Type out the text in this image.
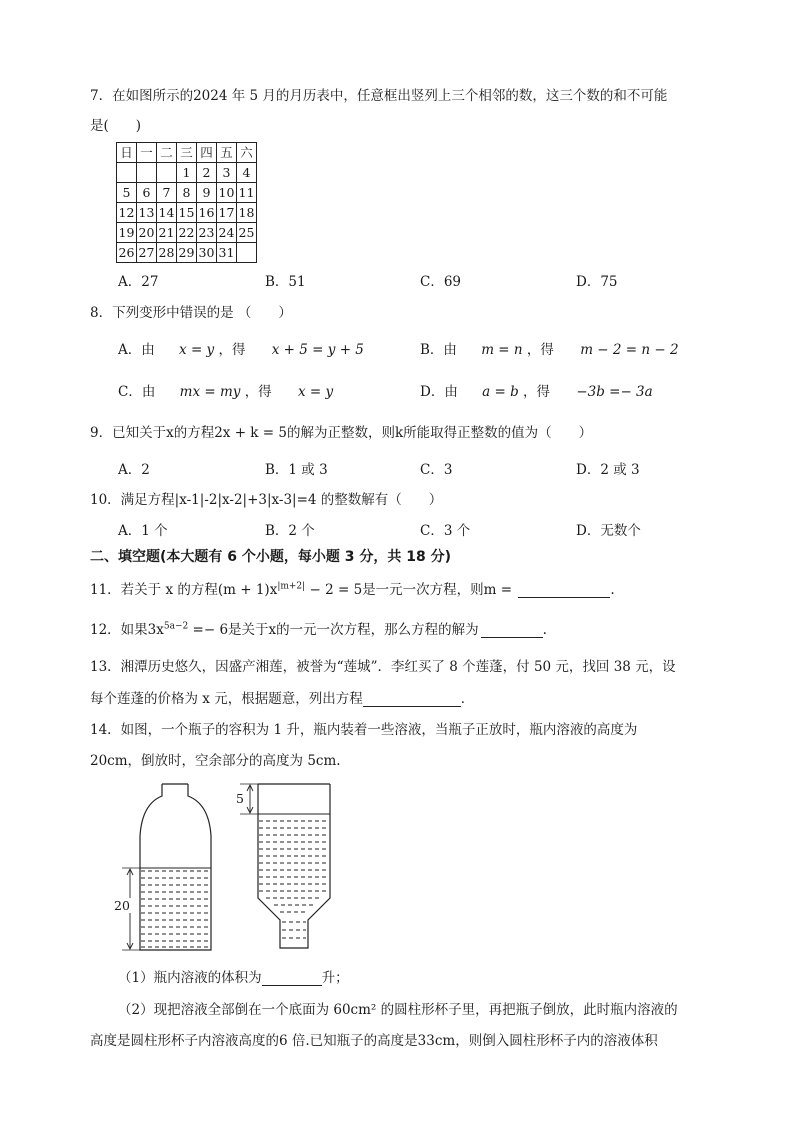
7．在如图所示的2024 年 5 月的月历表中，任意框出竖列上三个相邻的数，这三个数的和不可能
是(　　)
日	一	二	三	四	五	六
			1	2	3	4
5	6	7	8	9	10	11
12	13	14	15	16	17	18
19	20	21	22	23	24	25
26	27	28	29	30	31	
A．27	B．51	C．69	D．75
8．下列变形中错误的是 （　　）
A．由 x = y ，得 x + 5 = y + 5	B．由 m = n ，得 m − 2 = n − 2
C．由 mx = my ，得 x = y	D．由 a = b ，得 −3b =− 3a
9．已知关于x的方程2x + k = 5的解为正整数，则k所能取得正整数的值为（　　）
A．2	B．1 或 3	C．3	D．2 或 3
10．满足方程|x-1|-2|x-2|+3|x-3|=4 的整数解有（　　）
A．1 个	B．2 个	C．3 个	D．无数个
二、填空题(本大题有 6 个小题，每小题 3 分，共 18 分)
11．若关于 x 的方程$(m + 1)x^{|m+2|} - 2 = 5$是一元一次方程，则m =	.
12．如果$3x^{5a-2} =- 6$是关于x的一元一次方程，那么方程的解为	.
13．湘潭历史悠久，因盛产湘莲，被誉为“莲城”．李红买了 8 个莲蓬，付 50 元，找回 38 元，设
每个莲蓬的价格为 x 元，根据题意，列出方程	．
14．如图，一个瓶子的容积为 1 升，瓶内装着一些溶液，当瓶子正放时，瓶内溶液的高度为
20cm，倒放时，空余部分的高度为 5cm.
20
5
（1）瓶内溶液的体积为	升；
（2）现把溶液全部倒在一个底面为 60cm² 的圆柱形杯子里，再把瓶子倒放，此时瓶内溶液的
高度是圆柱形杯子内溶液高度的6 倍.已知瓶子的高度是33cm，则倒入圆柱形杯子内的溶液体积
